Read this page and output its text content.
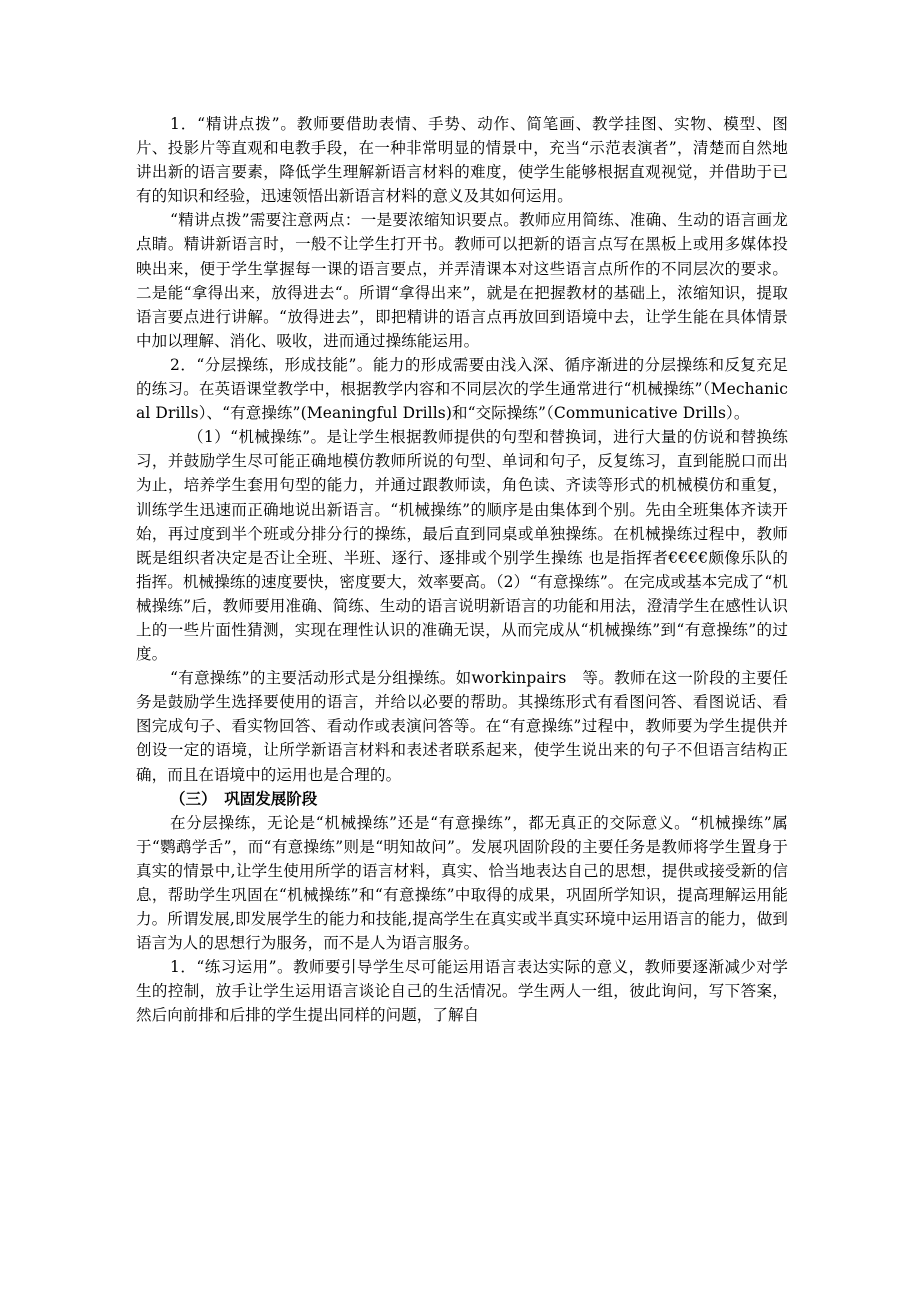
1．“精讲点拨”。教师要借助表情、手势、动作、简笔画、教学挂图、实物、模型、图片、投影片等直观和电教手段，在一种非常明显的情景中，充当“示范表演者”，清楚而自然地讲出新的语言要素，降低学生理解新语言材料的难度，使学生能够根据直观视觉，并借助于已有的知识和经验，迅速领悟出新语言材料的意义及其如何运用。

“精讲点拨”需要注意两点：一是要浓缩知识要点。教师应用简练、准确、生动的语言画龙点睛。精讲新语言时，一般不让学生打开书。教师可以把新的语言点写在黑板上或用多媒体投映出来，便于学生掌握每一课的语言要点，并弄清课本对这些语言点所作的不同层次的要求。二是能“拿得出来，放得进去“。所谓“拿得出来”，就是在把握教材的基础上，浓缩知识，提取语言要点进行讲解。“放得进去”，即把精讲的语言点再放回到语境中去，让学生能在具体情景中加以理解、消化、吸收，进而通过操练能运用。

2．“分层操练，形成技能”。能力的形成需要由浅入深、循序渐进的分层操练和反复充足的练习。在英语课堂教学中，根据教学内容和不同层次的学生通常进行“机械操练”（Mechanical Drills）、“有意操练”(Meaningful Drills)和“交际操练”（Communicative Drills）。

（1）“机械操练”。是让学生根据教师提供的句型和替换词，进行大量的仿说和替换练习，并鼓励学生尽可能正确地模仿教师所说的句型、单词和句子，反复练习，直到能脱口而出为止，培养学生套用句型的能力，并通过跟教师读，角色读、齐读等形式的机械模仿和重复，训练学生迅速而正确地说出新语言。“机械操练”的顺序是由集体到个别。先由全班集体齐读开始，再过度到半个班或分排分行的操练，最后直到同桌或单独操练。在机械操练过程中，教师既是组织者决定是否让全班、半班、逐行、逐排或个别学生操练 也是指挥者€€€€颇像乐队的指挥。机械操练的速度要快，密度要大，效率要高。（2）“有意操练”。在完成或基本完成了“机械操练”后，教师要用准确、简练、生动的语言说明新语言的功能和用法，澄清学生在感性认识上的一些片面性猜测，实现在理性认识的准确无误，从而完成从“机械操练”到“有意操练”的过度。

“有意操练”的主要活动形式是分组操练。如workinpairs　等。教师在这一阶段的主要任务是鼓励学生选择要使用的语言，并给以必要的帮助。其操练形式有看图问答、看图说话、看图完成句子、看实物回答、看动作或表演问答等。在“有意操练”过程中，教师要为学生提供并创设一定的语境，让所学新语言材料和表述者联系起来，使学生说出来的句子不但语言结构正确，而且在语境中的运用也是合理的。

（三）　巩固发展阶段

在分层操练，无论是“机械操练”还是“有意操练”，都无真正的交际意义。“机械操练”属于“鹦鹉学舌”，而“有意操练”则是“明知故问”。发展巩固阶段的主要任务是教师将学生置身于真实的情景中,让学生使用所学的语言材料，真实、恰当地表达自己的思想，提供或接受新的信息，帮助学生巩固在“机械操练”和“有意操练”中取得的成果，巩固所学知识，提高理解运用能力。所谓发展,即发展学生的能力和技能,提高学生在真实或半真实环境中运用语言的能力，做到语言为人的思想行为服务，而不是人为语言服务。

1．“练习运用”。教师要引导学生尽可能运用语言表达实际的意义，教师要逐渐减少对学生的控制，放手让学生运用语言谈论自己的生活情况。学生两人一组，彼此询问，写下答案，然后向前排和后排的学生提出同样的问题，了解自
